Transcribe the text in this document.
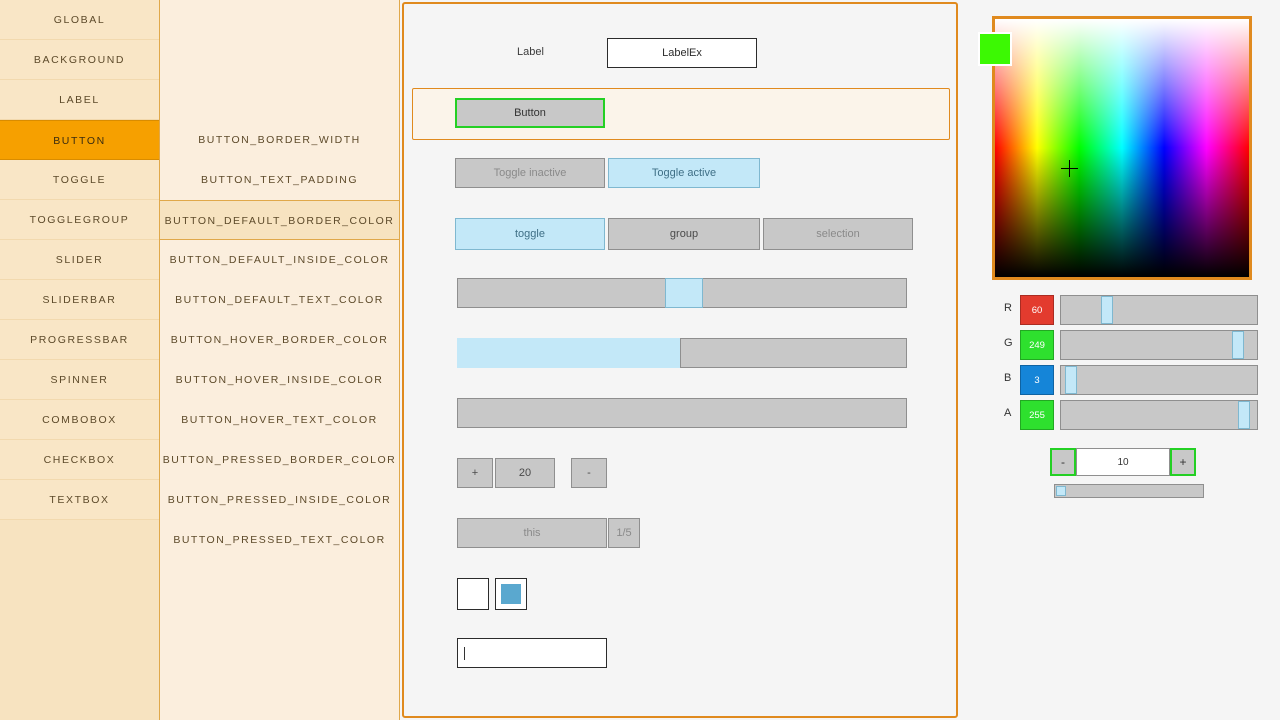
GLOBAL
BACKGROUND
LABEL
BUTTON
TOGGLE
TOGGLEGROUP
SLIDER
SLIDERBAR
PROGRESSBAR
SPINNER
COMBOBOX
CHECKBOX
TEXTBOX
BUTTON_BORDER_WIDTH
BUTTON_TEXT_PADDING
BUTTON_DEFAULT_BORDER_COLOR
BUTTON_DEFAULT_INSIDE_COLOR
BUTTON_DEFAULT_TEXT_COLOR
BUTTON_HOVER_BORDER_COLOR
BUTTON_HOVER_INSIDE_COLOR
BUTTON_HOVER_TEXT_COLOR
BUTTON_PRESSED_BORDER_COLOR
BUTTON_PRESSED_INSIDE_COLOR
BUTTON_PRESSED_TEXT_COLOR
Label	LabelEx
Button
Toggle inactive	Toggle active
toggle	group	selection
+	20	-
this	1/5
R	60
G	249
B	3
A	255
-	10	+
